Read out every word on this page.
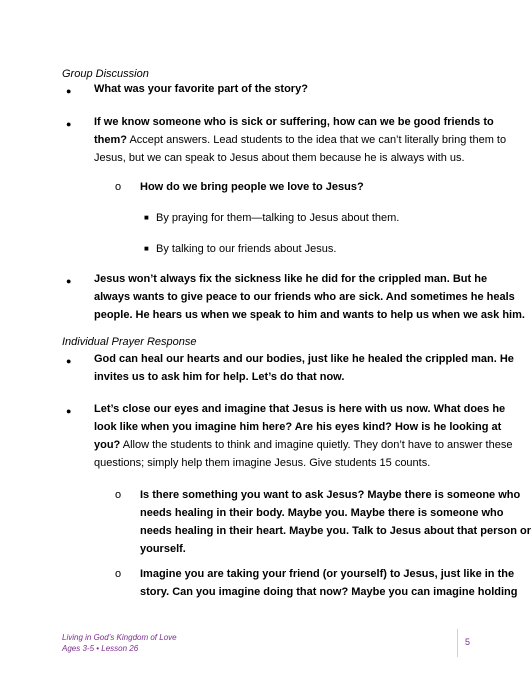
Group Discussion
● What was your favorite part of the story?
● If we know someone who is sick or suffering, how can we be good friends to
them? Accept answers. Lead students to the idea that we can’t literally bring them to
Jesus, but we can speak to Jesus about them because he is always with us.
o How do we bring people we love to Jesus?
■ By praying for them—talking to Jesus about them.
■ By talking to our friends about Jesus.
● Jesus won’t always fix the sickness like he did for the crippled man. But he
always wants to give peace to our friends who are sick. And sometimes he heals
people. He hears us when we speak to him and wants to help us when we ask him.
Individual Prayer Response
● God can heal our hearts and our bodies, just like he healed the crippled man. He
invites us to ask him for help. Let’s do that now.
● Let’s close our eyes and imagine that Jesus is here with us now. What does he
look like when you imagine him here? Are his eyes kind? How is he looking at
you? Allow the students to think and imagine quietly. They don’t have to answer these
questions; simply help them imagine Jesus. Give students 15 counts.
o Is there something you want to ask Jesus? Maybe there is someone who
needs healing in their body. Maybe you. Maybe there is someone who
needs healing in their heart. Maybe you. Talk to Jesus about that person or
yourself.
o Imagine you are taking your friend (or yourself) to Jesus, just like in the
story. Can you imagine doing that now? Maybe you can imagine holding
Living in God’s Kingdom of Love
Ages 3-5 • Lesson 26
5
